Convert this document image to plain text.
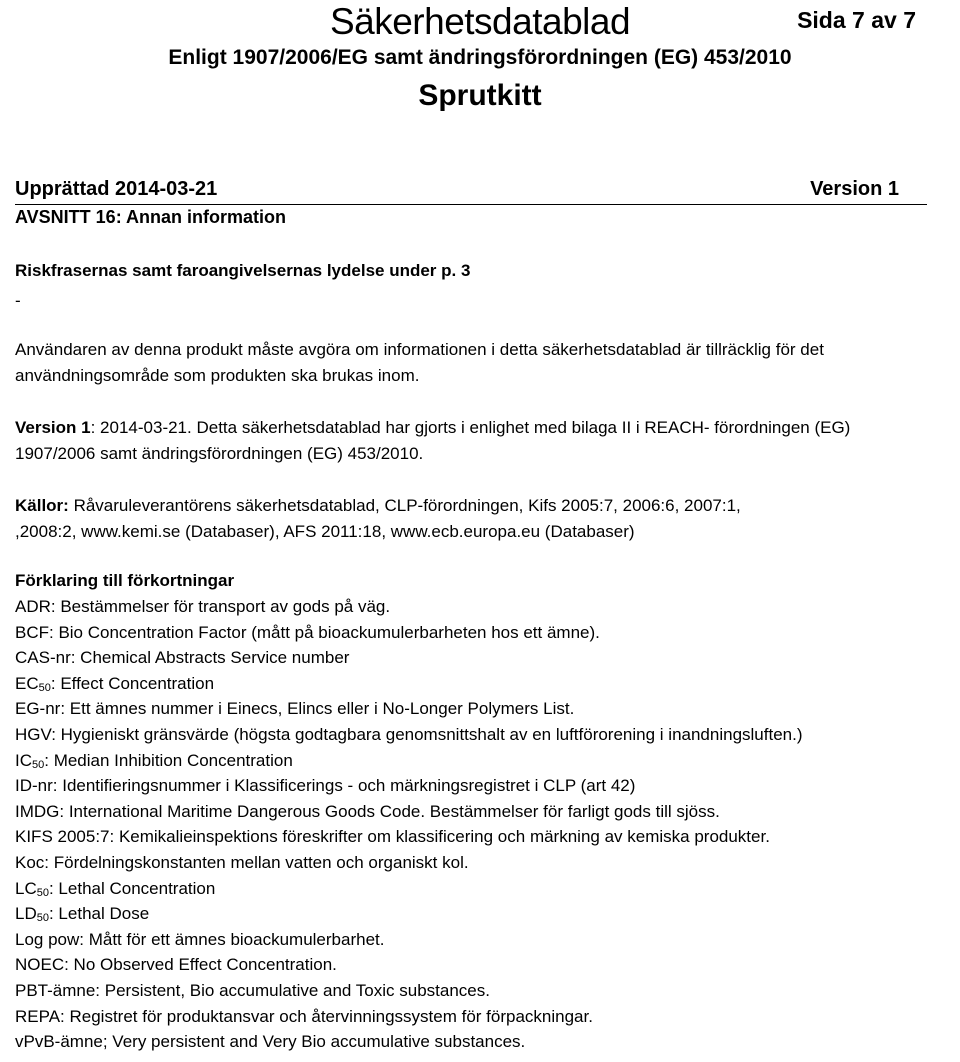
Säkerhetsdatablad	Sida 7 av 7
Enligt 1907/2006/EG samt ändringsförordningen (EG) 453/2010
Sprutkitt
Upprättad 2014-03-21	Version 1
AVSNITT 16: Annan information
Riskfrasernas samt faroangivelsernas lydelse under p. 3
-
Användaren av denna produkt måste avgöra om informationen i detta säkerhetsdatablad är tillräcklig för det
användningsområde som produkten ska brukas inom.
Version 1: 2014-03-21. Detta säkerhetsdatablad har gjorts i enlighet med bilaga II i REACH- förordningen (EG)
1907/2006 samt ändringsförordningen (EG) 453/2010.
Källor: Råvaruleverantörens säkerhetsdatablad, CLP-förordningen, Kifs 2005:7, 2006:6, 2007:1,
,2008:2, www.kemi.se (Databaser), AFS 2011:18, www.ecb.europa.eu (Databaser)
Förklaring till förkortningar
ADR: Bestämmelser för transport av gods på väg.
BCF: Bio Concentration Factor (mått på bioackumulerbarheten hos ett ämne).
CAS-nr: Chemical Abstracts Service number
$EC_{50}$: Effect Concentration
EG-nr: Ett ämnes nummer i Einecs, Elincs eller i No-Longer Polymers List.
HGV: Hygieniskt gränsvärde (högsta godtagbara genomsnittshalt av en luftförorening i inandningsluften.)
$IC_{50}$: Median Inhibition Concentration
ID-nr: Identifieringsnummer i Klassificerings - och märkningsregistret i CLP (art 42)
IMDG: International Maritime Dangerous Goods Code. Bestämmelser för farligt gods till sjöss.
KIFS 2005:7: Kemikalieinspektions föreskrifter om klassificering och märkning av kemiska produkter.
Koc: Fördelningskonstanten mellan vatten och organiskt kol.
$LC_{50}$: Lethal Concentration
$LD_{50}$: Lethal Dose
Log pow: Mått för ett ämnes bioackumulerbarhet.
NOEC: No Observed Effect Concentration.
PBT-ämne: Persistent, Bio accumulative and Toxic substances.
REPA: Registret för produktansvar och återvinningssystem för förpackningar.
vPvB-ämne; Very persistent and Very Bio accumulative substances.
